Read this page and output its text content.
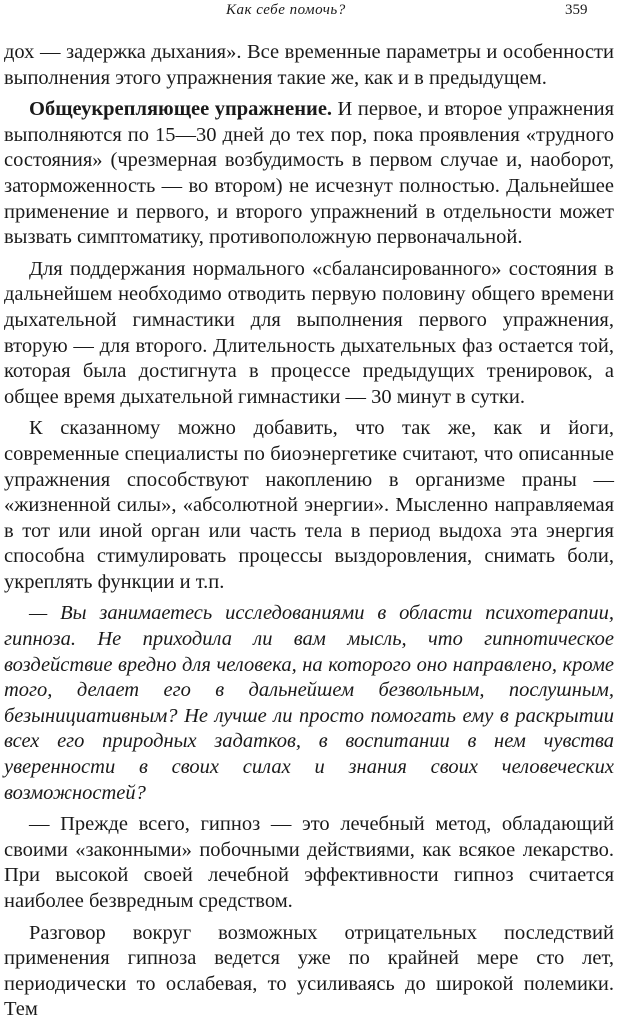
Как себе помочь?	359

дох — задержка дыхания». Все временные параметры и особенности выполнения этого упражнения такие же, как и в предыдущем.

Общеукрепляющее упражнение. И первое, и второе упражнения выполняются по 15—30 дней до тех пор, пока проявления «трудного состояния» (чрезмерная возбудимость в первом случае и, наоборот, заторможенность — во втором) не исчезнут полностью. Дальнейшее применение и первого, и второго упражнений в отдельности может вызвать симптоматику, противоположную первоначальной.

Для поддержания нормального «сбалансированного» состояния в дальнейшем необходимо отводить первую половину общего времени дыхательной гимнастики для выполнения первого упражнения, вторую — для второго. Длительность дыхательных фаз остается той, которая была достигнута в процессе предыдущих тренировок, а общее время дыхательной гимнастики — 30 минут в сутки.

К сказанному можно добавить, что так же, как и йоги, современные специалисты по биоэнергетике считают, что описанные упражнения способствуют накоплению в организме праны — «жизненной силы», «абсолютной энергии». Мысленно направляемая в тот или иной орган или часть тела в период выдоха эта энергия способна стимулировать процессы выздоровления, снимать боли, укреплять функции и т.п.

— Вы занимаетесь исследованиями в области психотерапии, гипноза. Не приходила ли вам мысль, что гипнотическое воздействие вредно для человека, на которого оно направлено, кроме того, делает его в дальнейшем безвольным, послушным, безынициативным? Не лучше ли просто помогать ему в раскрытии всех его природных задатков, в воспитании в нем чувства уверенности в своих силах и знания своих человеческих возможностей?

— Прежде всего, гипноз — это лечебный метод, обладающий своими «законными» побочными действиями, как всякое лекарство. При высокой своей лечебной эффективности гипноз считается наиболее безвредным средством.

Разговор вокруг возможных отрицательных последствий применения гипноза ведется уже по крайней мере сто лет, периодически то ослабевая, то усиливаясь до широкой полемики. Тем
